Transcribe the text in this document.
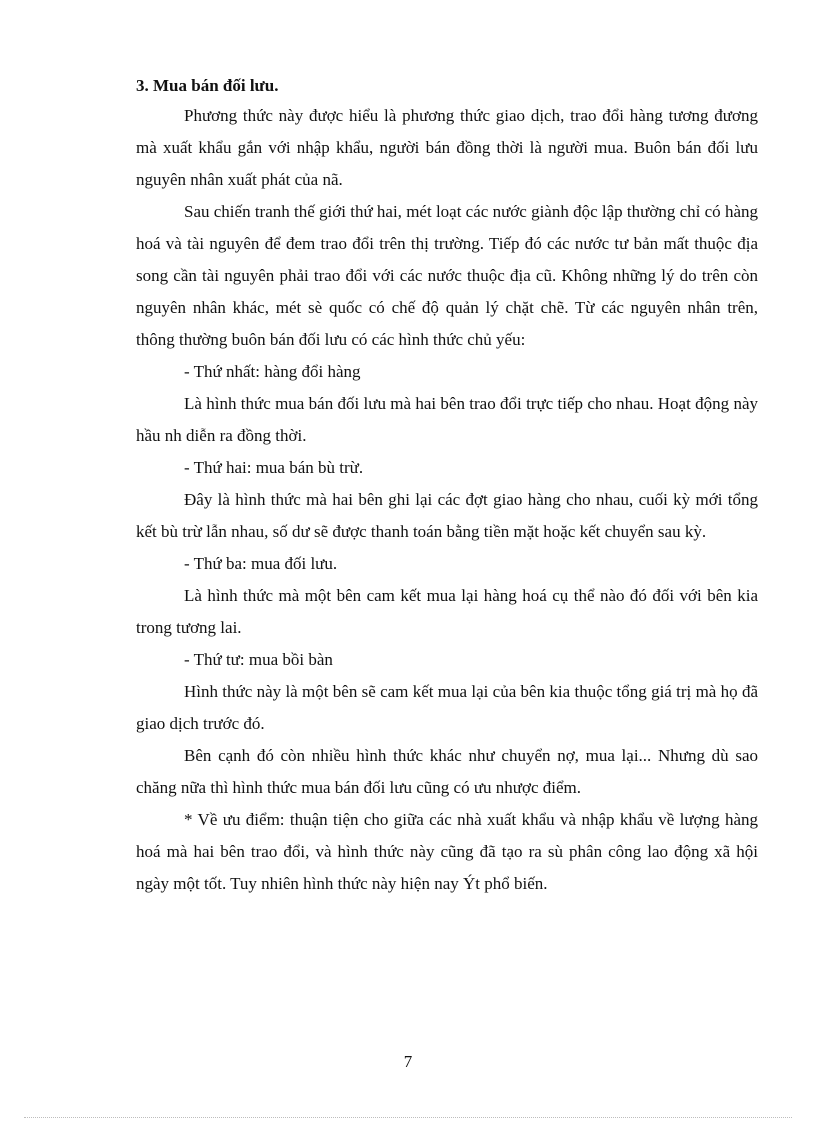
3. Mua bán đối lưu.

Phương thức này được hiểu là phương thức giao dịch, trao đổi hàng tương đương mà xuất khẩu gắn với nhập khẩu, người bán đồng thời là người mua. Buôn bán đối lưu nguyên nhân xuất phát của nã.

Sau chiến tranh thế giới thứ hai, mét loạt các nước giành độc lập thường chỉ có hàng hoá và tài nguyên để đem trao đổi trên thị trường. Tiếp đó các nước tư bản mất thuộc địa song cần tài nguyên phải trao đổi với các nước thuộc địa cũ. Không những lý do trên còn nguyên nhân khác, mét sè quốc có chế độ quản lý chặt chẽ. Từ các nguyên nhân trên, thông thường buôn bán đối lưu có các hình thức chủ yếu:

- Thứ nhất: hàng đổi hàng

Là hình thức mua bán đối lưu mà hai bên trao đổi trực tiếp cho nhau. Hoạt động này hầu nh diễn ra đồng thời.

- Thứ hai: mua bán bù trừ.

Đây là hình thức mà hai bên ghi lại các đợt giao hàng cho nhau, cuối kỳ mới tổng kết bù trừ lẫn nhau, số dư sẽ được thanh toán bằng tiền mặt hoặc kết chuyển sau kỳ.

- Thứ ba: mua đối lưu.

Là hình thức mà một bên cam kết mua lại hàng hoá cụ thể nào đó đối với bên kia trong tương lai.

- Thứ tư: mua bồi bàn

Hình thức này là một bên sẽ cam kết mua lại của bên kia thuộc tổng giá trị mà họ đã giao dịch trước đó.

Bên cạnh đó còn nhiều hình thức khác như chuyển nợ, mua lại... Nhưng dù sao chăng nữa thì hình thức mua bán đối lưu cũng có ưu nhược điểm.

* Về ưu điểm: thuận tiện cho giữa các nhà xuất khẩu và nhập khẩu về lượng hàng hoá mà hai bên trao đổi, và hình thức này cũng đã tạo ra sù phân công lao động xã hội ngày một tốt. Tuy nhiên hình thức này hiện nay Ýt phổ biến.

7
